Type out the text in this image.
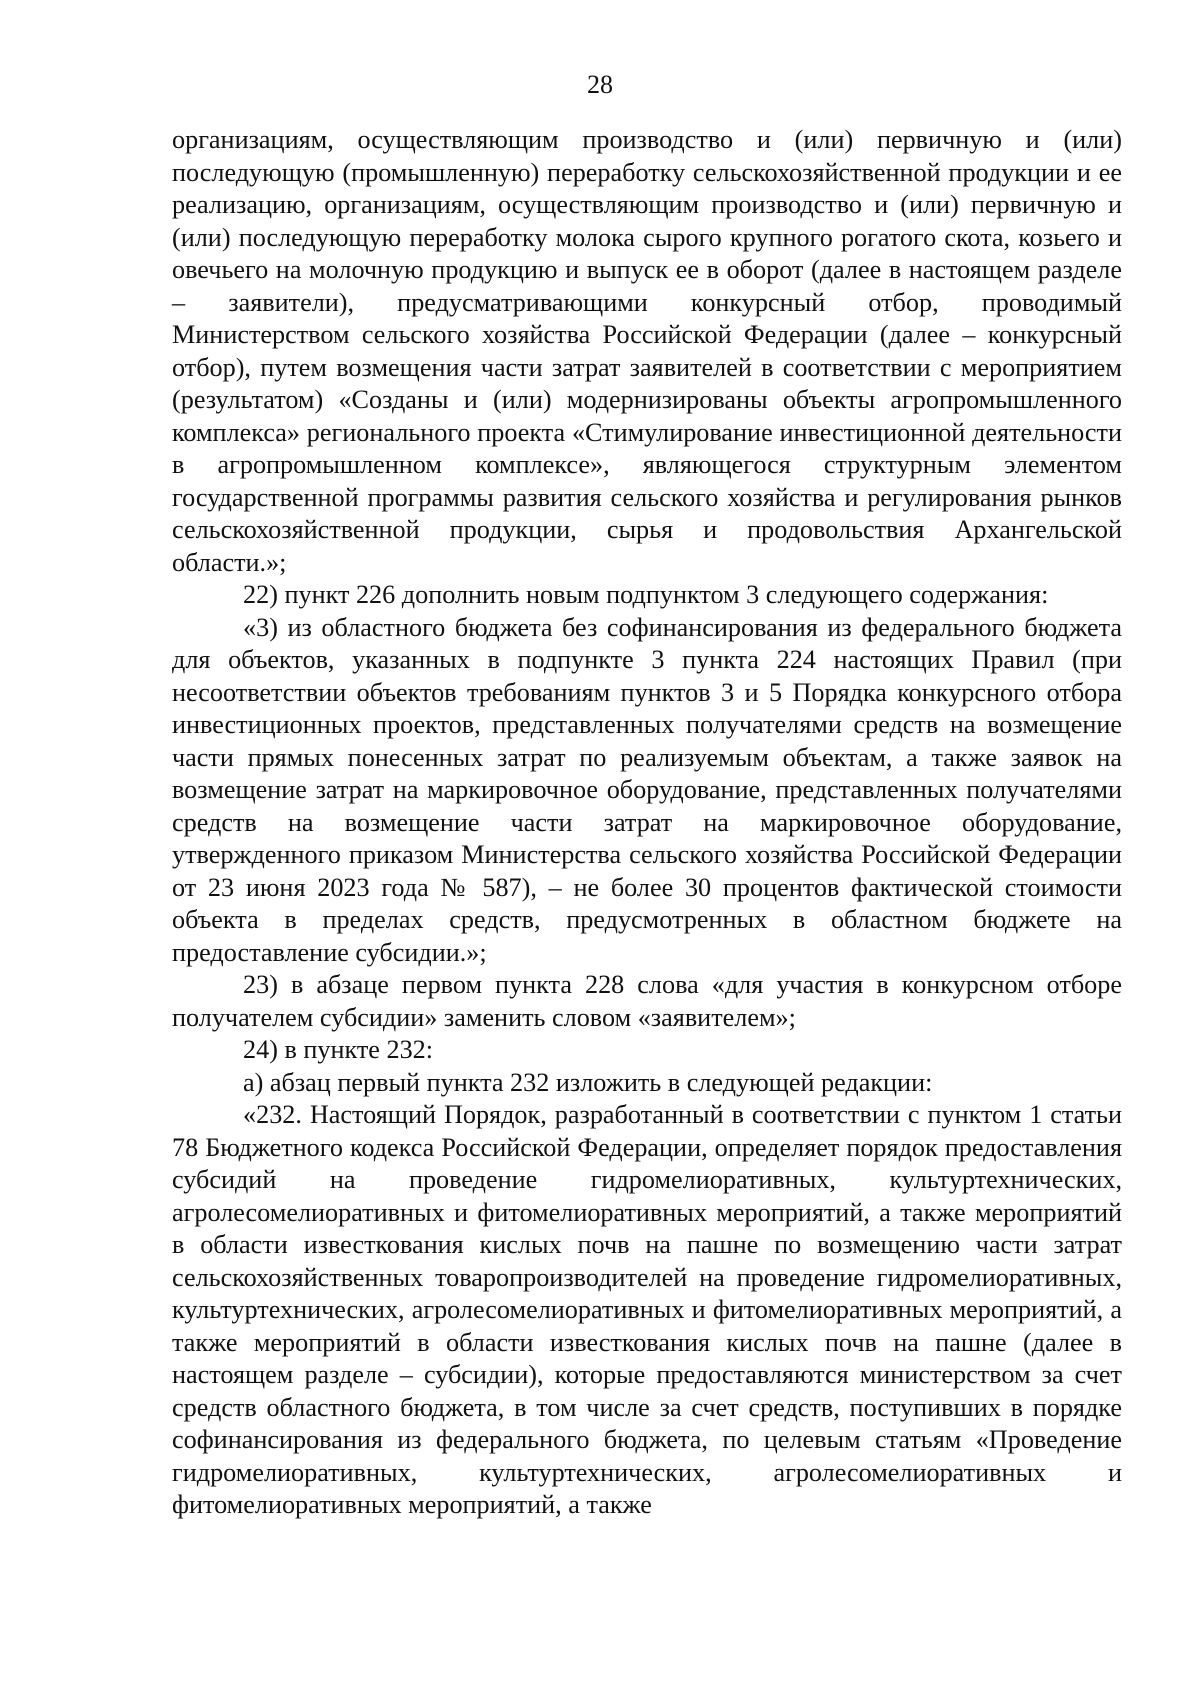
28

организациям, осуществляющим производство и (или) первичную и (или) последующую (промышленную) переработку сельскохозяйственной продукции и ее реализацию, организациям, осуществляющим производство и (или) первичную и (или) последующую переработку молока сырого крупного рогатого скота, козьего и овечьего на молочную продукцию и выпуск ее в оборот (далее в настоящем разделе – заявители), предусматривающими конкурсный отбор, проводимый Министерством сельского хозяйства Российской Федерации (далее – конкурсный отбор), путем возмещения части затрат заявителей в соответствии с мероприятием (результатом) «Созданы и (или) модернизированы объекты агропромышленного комплекса» регионального проекта «Стимулирование инвестиционной деятельности в агропромышленном комплексе», являющегося структурным элементом государственной программы развития сельского хозяйства и регулирования рынков сельскохозяйственной продукции, сырья и продовольствия Архангельской области.»;

22) пункт 226 дополнить новым подпунктом 3 следующего содержания:

«3) из областного бюджета без софинансирования из федерального бюджета для объектов, указанных в подпункте 3 пункта 224 настоящих Правил (при несоответствии объектов требованиям пунктов 3 и 5 Порядка конкурсного отбора инвестиционных проектов, представленных получателями средств на возмещение части прямых понесенных затрат по реализуемым объектам, а также заявок на возмещение затрат на маркировочное оборудование, представленных получателями средств на возмещение части затрат на маркировочное оборудование, утвержденного приказом Министерства сельского хозяйства Российской Федерации от 23 июня 2023 года № 587), – не более 30 процентов фактической стоимости объекта в пределах средств, предусмотренных в областном бюджете на предоставление субсидии.»;

23) в абзаце первом пункта 228 слова «для участия в конкурсном отборе получателем субсидии» заменить словом «заявителем»;

24) в пункте 232:

а) абзац первый пункта 232 изложить в следующей редакции:

«232. Настоящий Порядок, разработанный в соответствии с пунктом 1 статьи 78 Бюджетного кодекса Российской Федерации, определяет порядок предоставления субсидий на проведение гидромелиоративных, культуртехнических, агролесомелиоративных и фитомелиоративных мероприятий, а также мероприятий в области известкования кислых почв на пашне по возмещению части затрат сельскохозяйственных товаропроизводителей на проведение гидромелиоративных, культуртехнических, агролесомелиоративных и фитомелиоративных мероприятий, а также мероприятий в области известкования кислых почв на пашне (далее в настоящем разделе – субсидии), которые предоставляются министерством за счет средств областного бюджета, в том числе за счет средств, поступивших в порядке софинансирования из федерального бюджета, по целевым статьям «Проведение гидромелиоративных, культуртехнических, агролесомелиоративных и фитомелиоративных мероприятий, а также
